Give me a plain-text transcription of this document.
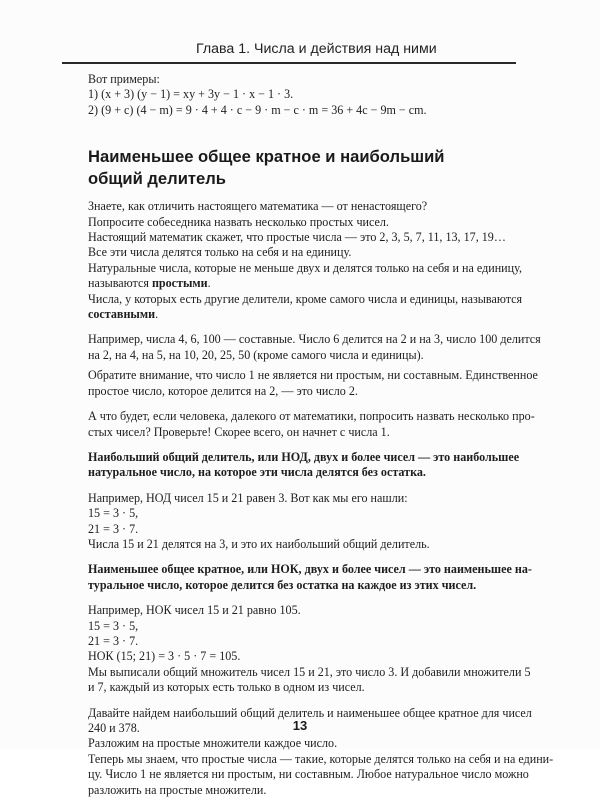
Глава 1. Числа и действия над ними
Вот примеры:
1) (x + 3) (y − 1) = xy + 3y − 1 · x − 1 · 3.
2) (9 + c) (4 − m) = 9 · 4 + 4 · c − 9 · m − c · m = 36 + 4c − 9m − cm.
Наименьшее общее кратное и наибольший
общий делитель
Знаете, как отличить настоящего математика — от ненастоящего?
Попросите собеседника назвать несколько простых чисел.
Настоящий математик скажет, что простые числа — это 2, 3, 5, 7, 11, 13, 17, 19…
Все эти числа делятся только на себя и на единицу.
Натуральные числа, которые не меньше двух и делятся только на себя и на единицу,
называются простыми.
Числа, у которых есть другие делители, кроме самого числа и единицы, называются
составными.
Например, числа 4, 6, 100 — составные. Число 6 делится на 2 и на 3, число 100 делится
на 2, на 4, на 5, на 10, 20, 25, 50 (кроме самого числа и единицы).
Обратите внимание, что число 1 не является ни простым, ни составным. Единственное
простое число, которое делится на 2, — это число 2.
А что будет, если человека, далекого от математики, попросить назвать несколько про-
стых чисел? Проверьте! Скорее всего, он начнет с числа 1.
Наибольший общий делитель, или НОД, двух и более чисел — это наибольшее
натуральное число, на которое эти числа делятся без остатка.
Например, НОД чисел 15 и 21 равен 3. Вот как мы его нашли:
15 = 3 · 5,
21 = 3 · 7.
Числа 15 и 21 делятся на 3, и это их наибольший общий делитель.
Наименьшее общее кратное, или НОК, двух и более чисел — это наименьшее на-
туральное число, которое делится без остатка на каждое из этих чисел.
Например, НОК чисел 15 и 21 равно 105.
15 = 3 · 5,
21 = 3 · 7.
НОК (15; 21) = 3 · 5 · 7 = 105.
Мы выписали общий множитель чисел 15 и 21, это число 3. И добавили множители 5
и 7, каждый из которых есть только в одном из чисел.
Давайте найдем наибольший общий делитель и наименьшее общее кратное для чисел
240 и 378.
Разложим на простые множители каждое число.
Теперь мы знаем, что простые числа — такие, которые делятся только на себя и на едини-
цу. Число 1 не является ни простым, ни составным. Любое натуральное число можно
разложить на простые множители.
13
